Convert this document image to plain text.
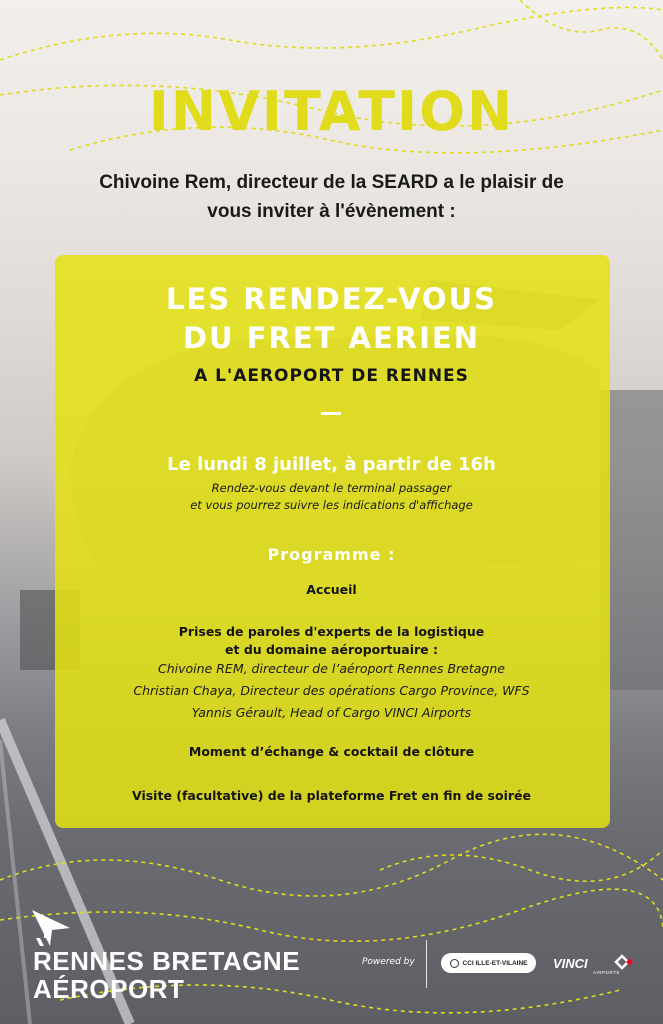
INVITATION
Chivoine Rem, directeur de la SEARD a le plaisir de
vous inviter à l'évènement :
LES RENDEZ-VOUS
DU FRET AERIEN
A L'AEROPORT DE RENNES
Le lundi 8 juillet, à partir de 16h
Rendez-vous devant le terminal passager
et vous pourrez suivre les indications d'affichage
Programme :
Accueil
Prises de paroles d'experts de la logistique
et du domaine aéroportuaire :
Chivoine REM, directeur de l’aéroport Rennes Bretagne
Christian Chaya, Directeur des opérations Cargo Province, WFS
Yannis Gérault, Head of Cargo VINCI Airports
Moment d’échange & cocktail de clôture
Visite (facultative) de la plateforme Fret en fin de soirée
RENNES BRETAGNE
AÉROPORT
Powered by	CCI ILLE-ET-VILAINE VINCI
AIRPORTS
